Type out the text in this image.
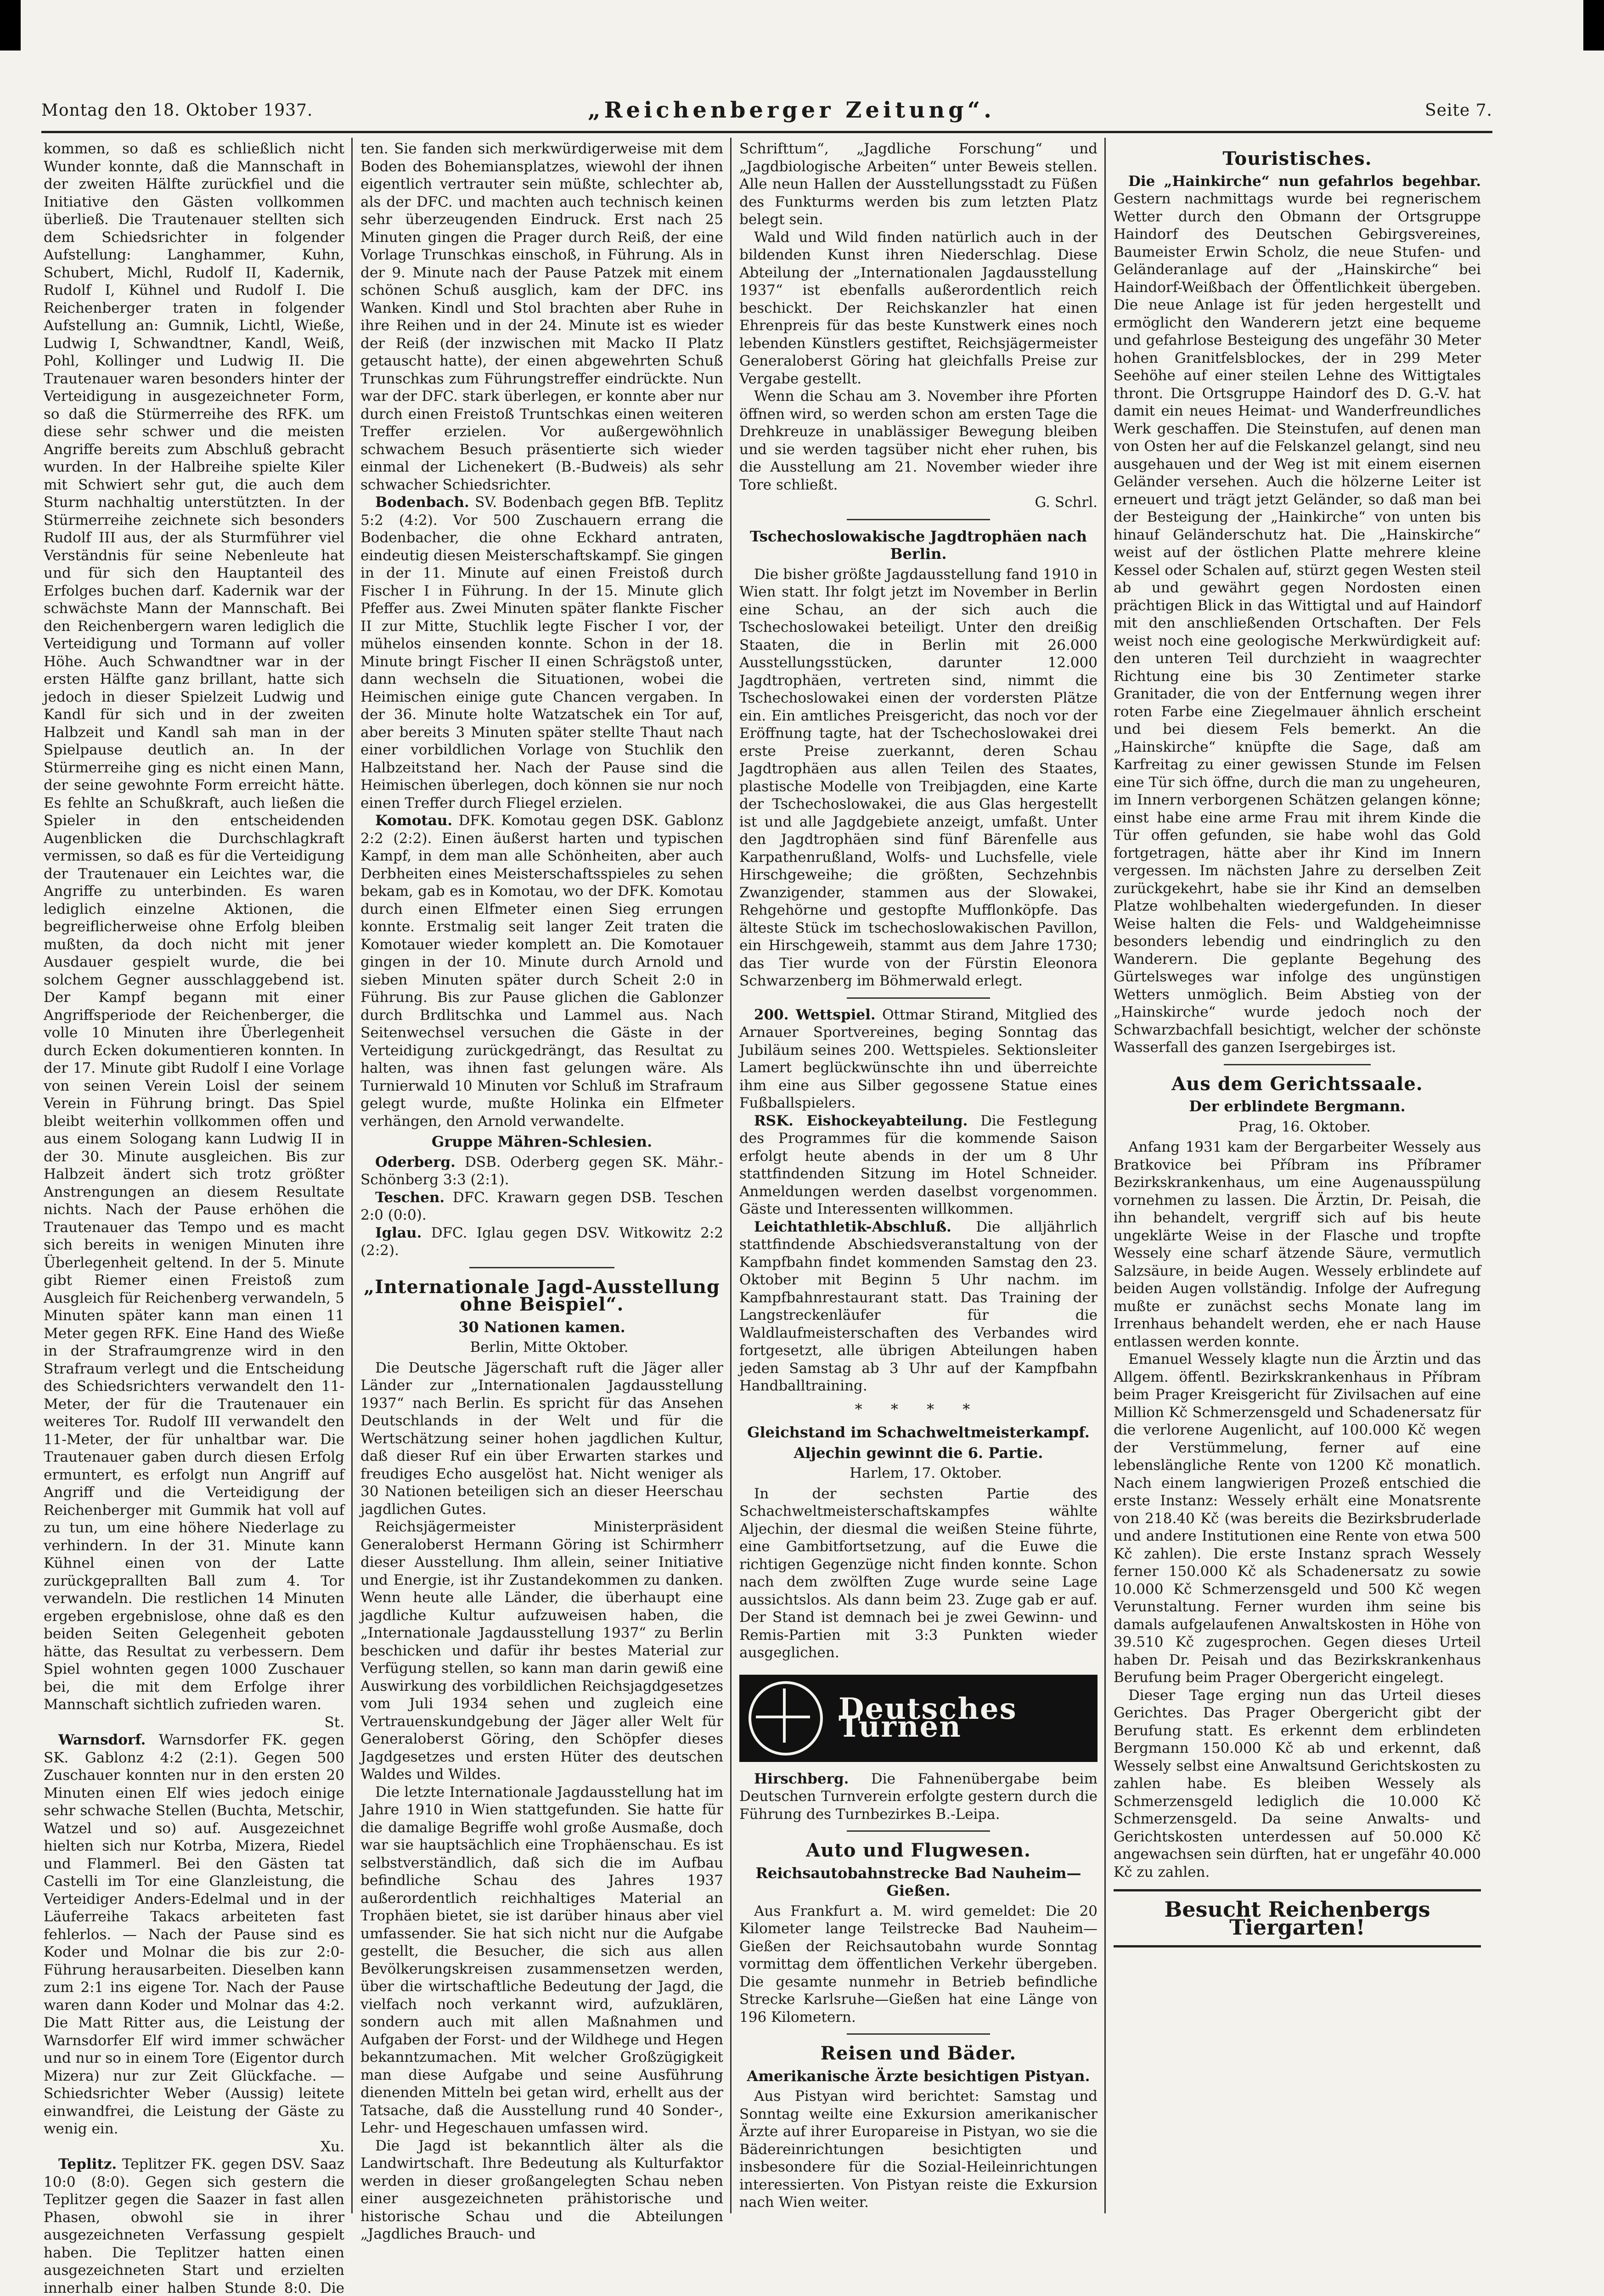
Montag den 18. Oktober 1937.	„Reichenberger Zeitung“.	Seite 7.

kommen, so daß es schließlich nicht Wunder konnte, daß die Mannschaft in der zweiten Hälfte zurückfiel und die Initiative den Gästen vollkommen überließ. Die Trautenauer stellten sich dem Schiedsrichter in folgender Aufstellung: Langhammer, Kuhn, Schubert, Michl, Rudolf II, Kadernik, Rudolf I, Kühnel und Rudolf I. Die Reichenberger traten in folgender Aufstellung an: Gumnik, Lichtl, Wieße, Ludwig I, Schwandtner, Kandl, Weiß, Pohl, Kollinger und Ludwig II. Die Trautenauer waren besonders hinter der Verteidigung in ausgezeichneter Form, so daß die Stürmerreihe des RFK. um diese sehr schwer und die meisten Angriffe bereits zum Abschluß gebracht wurden. In der Halbreihe spielte Kiler mit Schwiert sehr gut, die auch dem Sturm nachhaltig unterstützten. In der Stürmerreihe zeichnete sich besonders Rudolf III aus, der als Sturmführer viel Verständnis für seine Nebenleute hat und für sich den Hauptanteil des Erfolges buchen darf. Kadernik war der schwächste Mann der Mannschaft. Bei den Reichenbergern waren lediglich die Verteidigung und Tormann auf voller Höhe. Auch Schwandtner war in der ersten Hälfte ganz brillant, hatte sich jedoch in dieser Spielzeit Ludwig und Kandl für sich und in der zweiten Halbzeit und Kandl sah man in der Spielpause deutlich an. In der Stürmerreihe ging es nicht einen Mann, der seine gewohnte Form erreicht hätte. Es fehlte an Schußkraft, auch ließen die Spieler in den entscheidenden Augenblicken die Durchschlagkraft vermissen, so daß es für die Verteidigung der Trautenauer ein Leichtes war, die Angriffe zu unterbinden. Es waren lediglich einzelne Aktionen, die begreiflicherweise ohne Erfolg bleiben mußten, da doch nicht mit jener Ausdauer gespielt wurde, die bei solchem Gegner ausschlaggebend ist. Der Kampf begann mit einer Angriffsperiode der Reichenberger, die volle 10 Minuten ihre Überlegenheit durch Ecken dokumentieren konnten. In der 17. Minute gibt Rudolf I eine Vorlage von seinen Verein Loisl der seinem Verein in Führung bringt. Das Spiel bleibt weiterhin vollkommen offen und aus einem Sologang kann Ludwig II in der 30. Minute ausgleichen. Bis zur Halbzeit ändert sich trotz größter Anstrengungen an diesem Resultate nichts. Nach der Pause erhöhen die Trautenauer das Tempo und es macht sich bereits in wenigen Minuten ihre Überlegenheit geltend. In der 5. Minute gibt Riemer einen Freistoß zum Ausgleich für Reichenberg verwandeln, 5 Minuten später kann man einen 11 Meter gegen RFK. Eine Hand des Wieße in der Strafraumgrenze wird in den Strafraum verlegt und die Entscheidung des Schiedsrichters verwandelt den 11-Meter, der für die Trautenauer ein weiteres Tor. Rudolf III verwandelt den 11-Meter, der für unhaltbar war. Die Trautenauer gaben durch diesen Erfolg ermuntert, es erfolgt nun Angriff auf Angriff und die Verteidigung der Reichenberger mit Gummik hat voll auf zu tun, um eine höhere Niederlage zu verhindern. In der 31. Minute kann Kühnel einen von der Latte zurückgeprallten Ball zum 4. Tor verwandeln. Die restlichen 14 Minuten ergeben ergebnislose, ohne daß es den beiden Seiten Gelegenheit geboten hätte, das Resultat zu verbessern. Dem Spiel wohnten gegen 1000 Zuschauer bei, die mit dem Erfolge ihrer Mannschaft sichtlich zufrieden waren.

St.

Warnsdorf. Warnsdorfer FK. gegen SK. Gablonz 4:2 (2:1). Gegen 500 Zuschauer konnten nur in den ersten 20 Minuten einen Elf wies jedoch einige sehr schwache Stellen (Buchta, Metschir, Watzel und so) auf. Ausgezeichnet hielten sich nur Kotrba, Mizera, Riedel und Flammerl. Bei den Gästen tat Castelli im Tor eine Glanzleistung, die Verteidiger Anders-Edelmal und in der Läuferreihe Takacs arbeiteten fast fehlerlos. — Nach der Pause sind es Koder und Molnar die bis zur 2:0-Führung herausarbeiten. Dieselben kann zum 2:1 ins eigene Tor. Nach der Pause waren dann Koder und Molnar das 4:2. Die Matt Ritter aus, die Leistung der Warnsdorfer Elf wird immer schwächer und nur so in einem Tore (Eigentor durch Mizera) nur zur Zeit Glückfache. — Schiedsrichter Weber (Aussig) leitete einwandfrei, die Leistung der Gäste zu wenig ein.

Xu.

Teplitz. Teplitzer FK. gegen DSV. Saaz 10:0 (8:0). Gegen sich gestern die Teplitzer gegen die Saazer in fast allen Phasen, obwohl sie in ihrer ausgezeichneten Verfassung gespielt haben. Die Teplitzer hatten einen ausgezeichneten Start und erzielten innerhalb einer halben Stunde 8:0. Die

ten. Sie fanden sich merkwürdigerweise mit dem Boden des Bohemiansplatzes, wiewohl der ihnen eigentlich vertrauter sein müßte, schlechter ab, als der DFC. und machten auch technisch keinen sehr überzeugenden Eindruck. Erst nach 25 Minuten gingen die Prager durch Reiß, der eine Vorlage Trunschkas einschoß, in Führung. Als in der 9. Minute nach der Pause Patzek mit einem schönen Schuß ausglich, kam der DFC. ins Wanken. Kindl und Stol brachten aber Ruhe in ihre Reihen und in der 24. Minute ist es wieder der Reiß (der inzwischen mit Macko II Platz getauscht hatte), der einen abgewehrten Schuß Trunschkas zum Führungstreffer eindrückte. Nun war der DFC. stark überlegen, er konnte aber nur durch einen Freistoß Truntschkas einen weiteren Treffer erzielen. Vor außergewöhnlich schwachem Besuch präsentierte sich wieder einmal der Lichenekert (B.-Budweis) als sehr schwacher Schiedsrichter.

Bodenbach. SV. Bodenbach gegen BfB. Teplitz 5:2 (4:2). Vor 500 Zuschauern errang die Bodenbacher, die ohne Eckhard antraten, eindeutig diesen Meisterschaftskampf. Sie gingen in der 11. Minute auf einen Freistoß durch Fischer I in Führung. In der 15. Minute glich Pfeffer aus. Zwei Minuten später flankte Fischer II zur Mitte, Stuchlik legte Fischer I vor, der mühelos einsenden konnte. Schon in der 18. Minute bringt Fischer II einen Schrägstoß unter, dann wechseln die Situationen, wobei die Heimischen einige gute Chancen vergaben. In der 36. Minute holte Watzatschek ein Tor auf, aber bereits 3 Minuten später stellte Thaut nach einer vorbildlichen Vorlage von Stuchlik den Halbzeitstand her. Nach der Pause sind die Heimischen überlegen, doch können sie nur noch einen Treffer durch Fliegel erzielen.

Komotau. DFK. Komotau gegen DSK. Gablonz 2:2 (2:2). Einen äußerst harten und typischen Kampf, in dem man alle Schönheiten, aber auch Derbheiten eines Meisterschaftsspieles zu sehen bekam, gab es in Komotau, wo der DFK. Komotau durch einen Elfmeter einen Sieg errungen konnte. Erstmalig seit langer Zeit traten die Komotauer wieder komplett an. Die Komotauer gingen in der 10. Minute durch Arnold und sieben Minuten später durch Scheit 2:0 in Führung. Bis zur Pause glichen die Gablonzer durch Brdlitschka und Lammel aus. Nach Seitenwechsel versuchen die Gäste in der Verteidigung zurückgedrängt, das Resultat zu halten, was ihnen fast gelungen wäre. Als Turnierwald 10 Minuten vor Schluß im Strafraum gelegt wurde, mußte Holinka ein Elfmeter verhängen, den Arnold verwandelte.

Gruppe Mähren-Schlesien.

Oderberg. DSB. Oderberg gegen SK. Mähr.-Schönberg 3:3 (2:1).

Teschen. DFC. Krawarn gegen DSB. Teschen 2:0 (0:0).

Iglau. DFC. Iglau gegen DSV. Witkowitz 2:2 (2:2).

„Internationale Jagd-Ausstellung ohne Beispiel“.
30 Nationen kamen.

Berlin, Mitte Oktober.

Die Deutsche Jägerschaft ruft die Jäger aller Länder zur „Internationalen Jagdausstellung 1937“ nach Berlin. Es spricht für das Ansehen Deutschlands in der Welt und für die Wertschätzung seiner hohen jagdlichen Kultur, daß dieser Ruf ein über Erwarten starkes und freudiges Echo ausgelöst hat. Nicht weniger als 30 Nationen beteiligen sich an dieser Heerschau jagdlichen Gutes.

Reichsjägermeister Ministerpräsident Generaloberst Hermann Göring ist Schirmherr dieser Ausstellung. Ihm allein, seiner Initiative und Energie, ist ihr Zustandekommen zu danken. Wenn heute alle Länder, die überhaupt eine jagdliche Kultur aufzuweisen haben, die „Internationale Jagdausstellung 1937“ zu Berlin beschicken und dafür ihr bestes Material zur Verfügung stellen, so kann man darin gewiß eine Auswirkung des vorbildlichen Reichsjagdgesetzes vom Juli 1934 sehen und zugleich eine Vertrauenskundgebung der Jäger aller Welt für Generaloberst Göring, den Schöpfer dieses Jagdgesetzes und ersten Hüter des deutschen Waldes und Wildes.

Die letzte Internationale Jagdausstellung hat im Jahre 1910 in Wien stattgefunden. Sie hatte für die damalige Begriffe wohl große Ausmaße, doch war sie hauptsächlich eine Trophäenschau. Es ist selbstverständlich, daß sich die im Aufbau befindliche Schau des Jahres 1937 außerordentlich reichhaltiges Material an Trophäen bietet, sie ist darüber hinaus aber viel umfassender. Sie hat sich nicht nur die Aufgabe gestellt, die Besucher, die sich aus allen Bevölkerungskreisen zusammensetzen werden, über die wirtschaftliche Bedeutung der Jagd, die vielfach noch verkannt wird, aufzuklären, sondern auch mit allen Maßnahmen und Aufgaben der Forst- und der Wildhege und Hegen bekanntzumachen. Mit welcher Großzügigkeit man diese Aufgabe und seine Ausführung dienenden Mitteln bei getan wird, erhellt aus der Tatsache, daß die Ausstellung rund 40 Sonder-, Lehr- und Hegeschauen umfassen wird.

Die Jagd ist bekanntlich älter als die Landwirtschaft. Ihre Bedeutung als Kulturfaktor werden in dieser großangelegten Schau neben einer ausgezeichneten prähistorische und historische Schau und die Abteilungen „Jagdliches Brauch- und

Schrifttum“, „Jagdliche Forschung“ und „Jagdbiologische Arbeiten“ unter Beweis stellen. Alle neun Hallen der Ausstellungsstadt zu Füßen des Funkturms werden bis zum letzten Platz belegt sein.

Wald und Wild finden natürlich auch in der bildenden Kunst ihren Niederschlag. Diese Abteilung der „Internationalen Jagdausstellung 1937“ ist ebenfalls außerordentlich reich beschickt. Der Reichskanzler hat einen Ehrenpreis für das beste Kunstwerk eines noch lebenden Künstlers gestiftet, Reichsjägermeister Generaloberst Göring hat gleichfalls Preise zur Vergabe gestellt.

Wenn die Schau am 3. November ihre Pforten öffnen wird, so werden schon am ersten Tage die Drehkreuze in unablässiger Bewegung bleiben und sie werden tagsüber nicht eher ruhen, bis die Ausstellung am 21. November wieder ihre Tore schließt.

G. Schrl.

Tschechoslowakische Jagdtrophäen nach Berlin.

Die bisher größte Jagdausstellung fand 1910 in Wien statt. Ihr folgt jetzt im November in Berlin eine Schau, an der sich auch die Tschechoslowakei beteiligt. Unter den dreißig Staaten, die in Berlin mit 26.000 Ausstellungsstücken, darunter 12.000 Jagdtrophäen, vertreten sind, nimmt die Tschechoslowakei einen der vordersten Plätze ein. Ein amtliches Preisgericht, das noch vor der Eröffnung tagte, hat der Tschechoslowakei drei erste Preise zuerkannt, deren Schau Jagdtrophäen aus allen Teilen des Staates, plastische Modelle von Treibjagden, eine Karte der Tschechoslowakei, die aus Glas hergestellt ist und alle Jagdgebiete anzeigt, umfaßt. Unter den Jagdtrophäen sind fünf Bärenfelle aus Karpathenrußland, Wolfs- und Luchsfelle, viele Hirschgeweihe; die größten, Sechzehnbis Zwanzigender, stammen aus der Slowakei, Rehgehörne und gestopfte Mufflonköpfe. Das älteste Stück im tschechoslowakischen Pavillon, ein Hirschgeweih, stammt aus dem Jahre 1730; das Tier wurde von der Fürstin Eleonora Schwarzenberg im Böhmerwald erlegt.

200. Wettspiel. Ottmar Stirand, Mitglied des Arnauer Sportvereines, beging Sonntag das Jubiläum seines 200. Wettspieles. Sektionsleiter Lamert beglückwünschte ihn und überreichte ihm eine aus Silber gegossene Statue eines Fußballspielers.

RSK. Eishockeyabteilung. Die Festlegung des Programmes für die kommende Saison erfolgt heute abends in der um 8 Uhr stattfindenden Sitzung im Hotel Schneider. Anmeldungen werden daselbst vorgenommen. Gäste und Interessenten willkommen.

Leichtathletik-Abschluß. Die alljährlich stattfindende Abschiedsveranstaltung von der Kampfbahn findet kommenden Samstag den 23. Oktober mit Beginn 5 Uhr nachm. im Kampfbahnrestaurant statt. Das Training der Langstreckenläufer für die Waldlaufmeisterschaften des Verbandes wird fortgesetzt, alle übrigen Abteilungen haben jeden Samstag ab 3 Uhr auf der Kampfbahn Handballtraining.

* * * *
Gleichstand im Schachweltmeisterkampf.
Aljechin gewinnt die 6. Partie.

Harlem, 17. Oktober.

In der sechsten Partie des Schachweltmeisterschaftskampfes wählte Aljechin, der diesmal die weißen Steine führte, eine Gambitfortsetzung, auf die Euwe die richtigen Gegenzüge nicht finden konnte. Schon nach dem zwölften Zuge wurde seine Lage aussichtslos. Als dann beim 23. Zuge gab er auf. Der Stand ist demnach bei je zwei Gewinn- und Remis-Partien mit 3:3 Punkten wieder ausgeglichen.

Deutsches Turnen

Hirschberg. Die Fahnenübergabe beim Deutschen Turnverein erfolgte gestern durch die Führung des Turnbezirkes B.-Leipa.

Auto und Flugwesen.
Reichsautobahnstrecke Bad Nauheim—Gießen.

Aus Frankfurt a. M. wird gemeldet: Die 20 Kilometer lange Teilstrecke Bad Nauheim—Gießen der Reichsautobahn wurde Sonntag vormittag dem öffentlichen Verkehr übergeben. Die gesamte nunmehr in Betrieb befindliche Strecke Karlsruhe—Gießen hat eine Länge von 196 Kilometern.

Reisen und Bäder.
Amerikanische Ärzte besichtigen Pistyan.

Aus Pistyan wird berichtet: Samstag und Sonntag weilte eine Exkursion amerikanischer Ärzte auf ihrer Europareise in Pistyan, wo sie die Bädereinrichtungen besichtigten und insbesondere für die Sozial-Heileinrichtungen interessierten. Von Pistyan reiste die Exkursion nach Wien weiter.

Touristisches.

Die „Hainkirche“ nun gefahrlos begehbar. Gestern nachmittags wurde bei regnerischem Wetter durch den Obmann der Ortsgruppe Haindorf des Deutschen Gebirgsvereines, Baumeister Erwin Scholz, die neue Stufen- und Geländeranlage auf der „Hainskirche“ bei Haindorf-Weißbach der Öffentlichkeit übergeben. Die neue Anlage ist für jeden hergestellt und ermöglicht den Wanderern jetzt eine bequeme und gefahrlose Besteigung des ungefähr 30 Meter hohen Granitfelsblockes, der in 299 Meter Seehöhe auf einer steilen Lehne des Wittigtales thront. Die Ortsgruppe Haindorf des D. G.-V. hat damit ein neues Heimat- und Wanderfreundliches Werk geschaffen. Die Steinstufen, auf denen man von Osten her auf die Felskanzel gelangt, sind neu ausgehauen und der Weg ist mit einem eisernen Geländer versehen. Auch die hölzerne Leiter ist erneuert und trägt jetzt Geländer, so daß man bei der Besteigung der „Hainkirche“ von unten bis hinauf Geländerschutz hat. Die „Hainskirche“ weist auf der östlichen Platte mehrere kleine Kessel oder Schalen auf, stürzt gegen Westen steil ab und gewährt gegen Nordosten einen prächtigen Blick in das Wittigtal und auf Haindorf mit den anschließenden Ortschaften. Der Fels weist noch eine geologische Merkwürdigkeit auf: den unteren Teil durchzieht in waagrechter Richtung eine bis 30 Zentimeter starke Granitader, die von der Entfernung wegen ihrer roten Farbe eine Ziegelmauer ähnlich erscheint und bei diesem Fels bemerkt. An die „Hainskirche“ knüpfte die Sage, daß am Karfreitag zu einer gewissen Stunde im Felsen eine Tür sich öffne, durch die man zu ungeheuren, im Innern verborgenen Schätzen gelangen könne; einst habe eine arme Frau mit ihrem Kinde die Tür offen gefunden, sie habe wohl das Gold fortgetragen, hätte aber ihr Kind im Innern vergessen. Im nächsten Jahre zu derselben Zeit zurückgekehrt, habe sie ihr Kind an demselben Platze wohlbehalten wiedergefunden. In dieser Weise halten die Fels- und Waldgeheimnisse besonders lebendig und eindringlich zu den Wanderern. Die geplante Begehung des Gürtelsweges war infolge des ungünstigen Wetters unmöglich. Beim Abstieg von der „Hainskirche“ wurde jedoch noch der Schwarzbachfall besichtigt, welcher der schönste Wasserfall des ganzen Isergebirges ist.

Aus dem Gerichtssaale.
Der erblindete Bergmann.

Prag, 16. Oktober.

Anfang 1931 kam der Bergarbeiter Wessely aus Bratkovice bei Příbram ins Příbramer Bezirkskrankenhaus, um eine Augenausspülung vornehmen zu lassen. Die Ärztin, Dr. Peisah, die ihn behandelt, vergriff sich auf bis heute ungeklärte Weise in der Flasche und tropfte Wessely eine scharf ätzende Säure, vermutlich Salzsäure, in beide Augen. Wessely erblindete auf beiden Augen vollständig. Infolge der Aufregung mußte er zunächst sechs Monate lang im Irrenhaus behandelt werden, ehe er nach Hause entlassen werden konnte.

Emanuel Wessely klagte nun die Ärztin und das Allgem. öffentl. Bezirkskrankenhaus in Příbram beim Prager Kreisgericht für Zivilsachen auf eine Million Kč Schmerzensgeld und Schadenersatz für die verlorene Augenlicht, auf 100.000 Kč wegen der Verstümmelung, ferner auf eine lebenslängliche Rente von 1200 Kč monatlich. Nach einem langwierigen Prozeß entschied die erste Instanz: Wessely erhält eine Monatsrente von 218.40 Kč (was bereits die Bezirksbruderlade und andere Institutionen eine Rente von etwa 500 Kč zahlen). Die erste Instanz sprach Wessely ferner 150.000 Kč als Schadenersatz zu sowie 10.000 Kč Schmerzensgeld und 500 Kč wegen Verunstaltung. Ferner wurden ihm seine bis damals aufgelaufenen Anwaltskosten in Höhe von 39.510 Kč zugesprochen. Gegen dieses Urteil haben Dr. Peisah und das Bezirkskrankenhaus Berufung beim Prager Obergericht eingelegt.

Dieser Tage erging nun das Urteil dieses Gerichtes. Das Prager Obergericht gibt der Berufung statt. Es erkennt dem erblindeten Bergmann 150.000 Kč ab und erkennt, daß Wessely selbst eine Anwaltsund Gerichtskosten zu zahlen habe. Es bleiben Wessely als Schmerzensgeld lediglich die 10.000 Kč Schmerzensgeld. Da seine Anwalts- und Gerichtskosten unterdessen auf 50.000 Kč angewachsen sein dürften, hat er ungefähr 40.000 Kč zu zahlen.

Besucht Reichenbergs Tiergarten!
